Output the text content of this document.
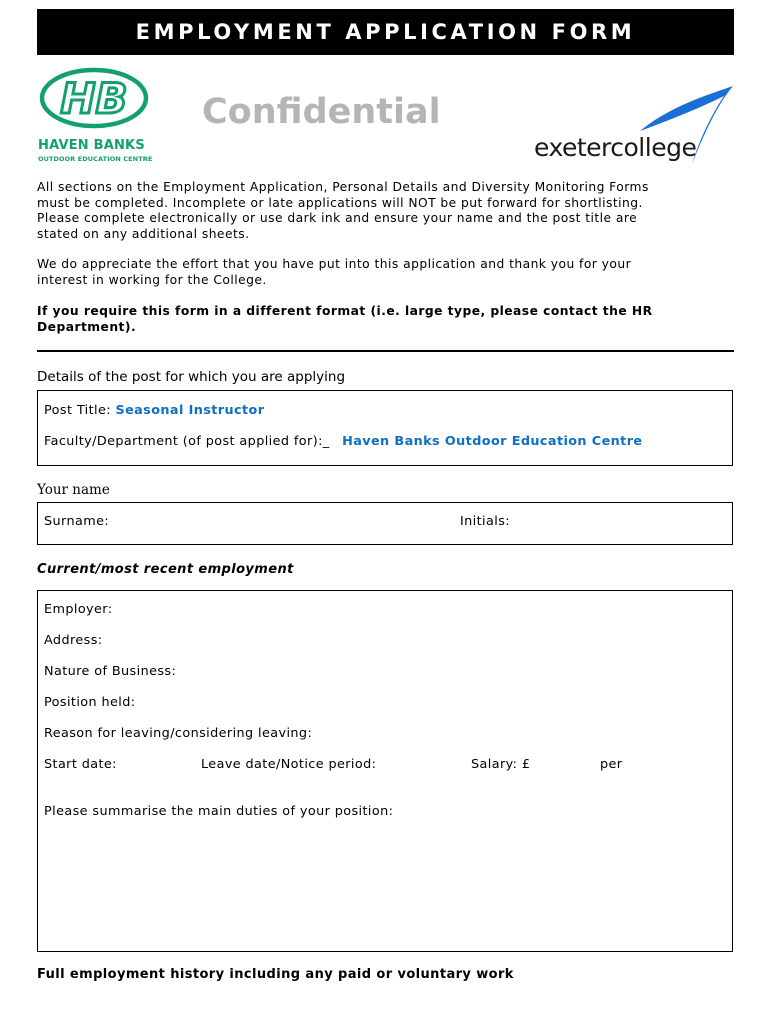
EMPLOYMENT APPLICATION FORM
HB
HAVEN BANKS
OUTDOOR EDUCATION CENTRE
Confidential
exetercollege
All sections on the Employment Application, Personal Details and Diversity Monitoring Forms
must be completed. Incomplete or late applications will NOT be put forward for shortlisting.
Please complete electronically or use dark ink and ensure your name and the post title are
stated on any additional sheets.
We do appreciate the effort that you have put into this application and thank you for your
interest in working for the College.
If you require this form in a different format (i.e. large type, please contact the HR
Department).
Details of the post for which you are applying
Post Title: Seasonal Instructor
Faculty/Department (of post applied for):_ Haven Banks Outdoor Education Centre
Your name
Surname:	Initials:
Current/most recent employment
Employer:
Address:
Nature of Business:
Position held:
Reason for leaving/considering leaving:
Start date:	Leave date/Notice period:	Salary: £	per
Please summarise the main duties of your position:
Full employment history including any paid or voluntary work
